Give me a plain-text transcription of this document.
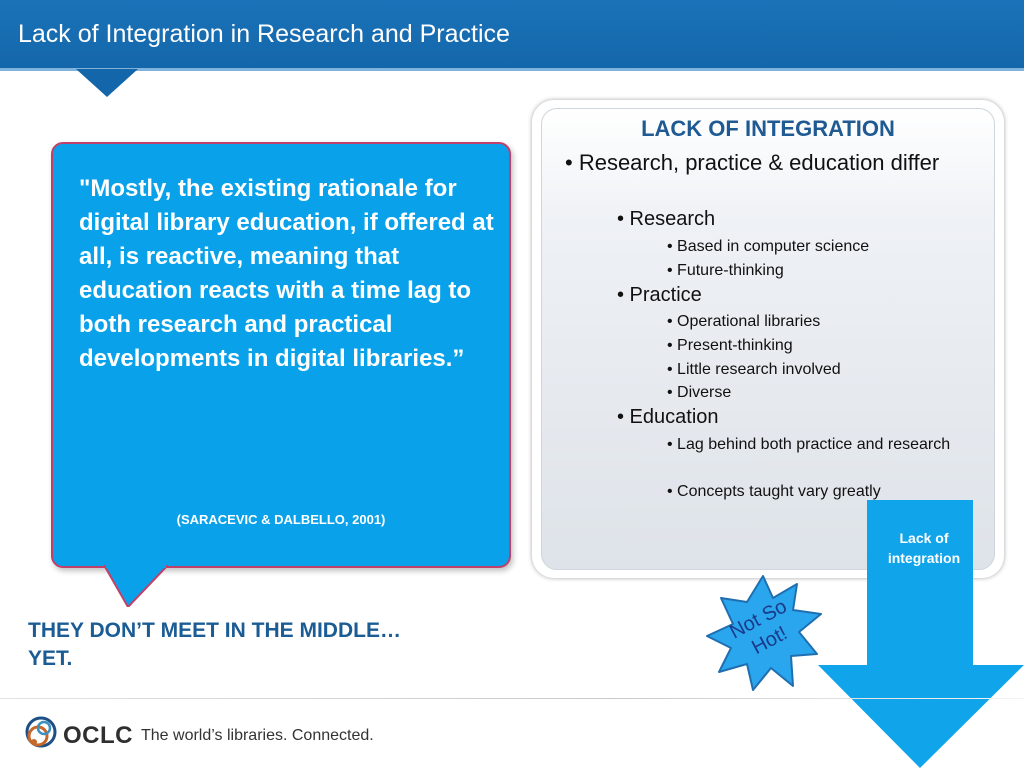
Lack of Integration in Research and Practice

"Mostly, the existing rationale for digital library education, if offered at all, is reactive, meaning that education reacts with a time lag to both research and practical developments in digital libraries.”

(SARACEVIC & DALBELLO, 2001)

THEY DON’T MEET IN THE MIDDLE…YET.

LACK OF INTEGRATION

• Research, practice & education differ

• Research

• Based in computer science

• Future-thinking

• Practice

• Operational libraries

• Present-thinking

• Little research involved

• Diverse

• Education

• Lag behind both practice and research

• Concepts taught vary greatly

Lack of integration

Not So Hot!

OCLC The world’s libraries. Connected.
